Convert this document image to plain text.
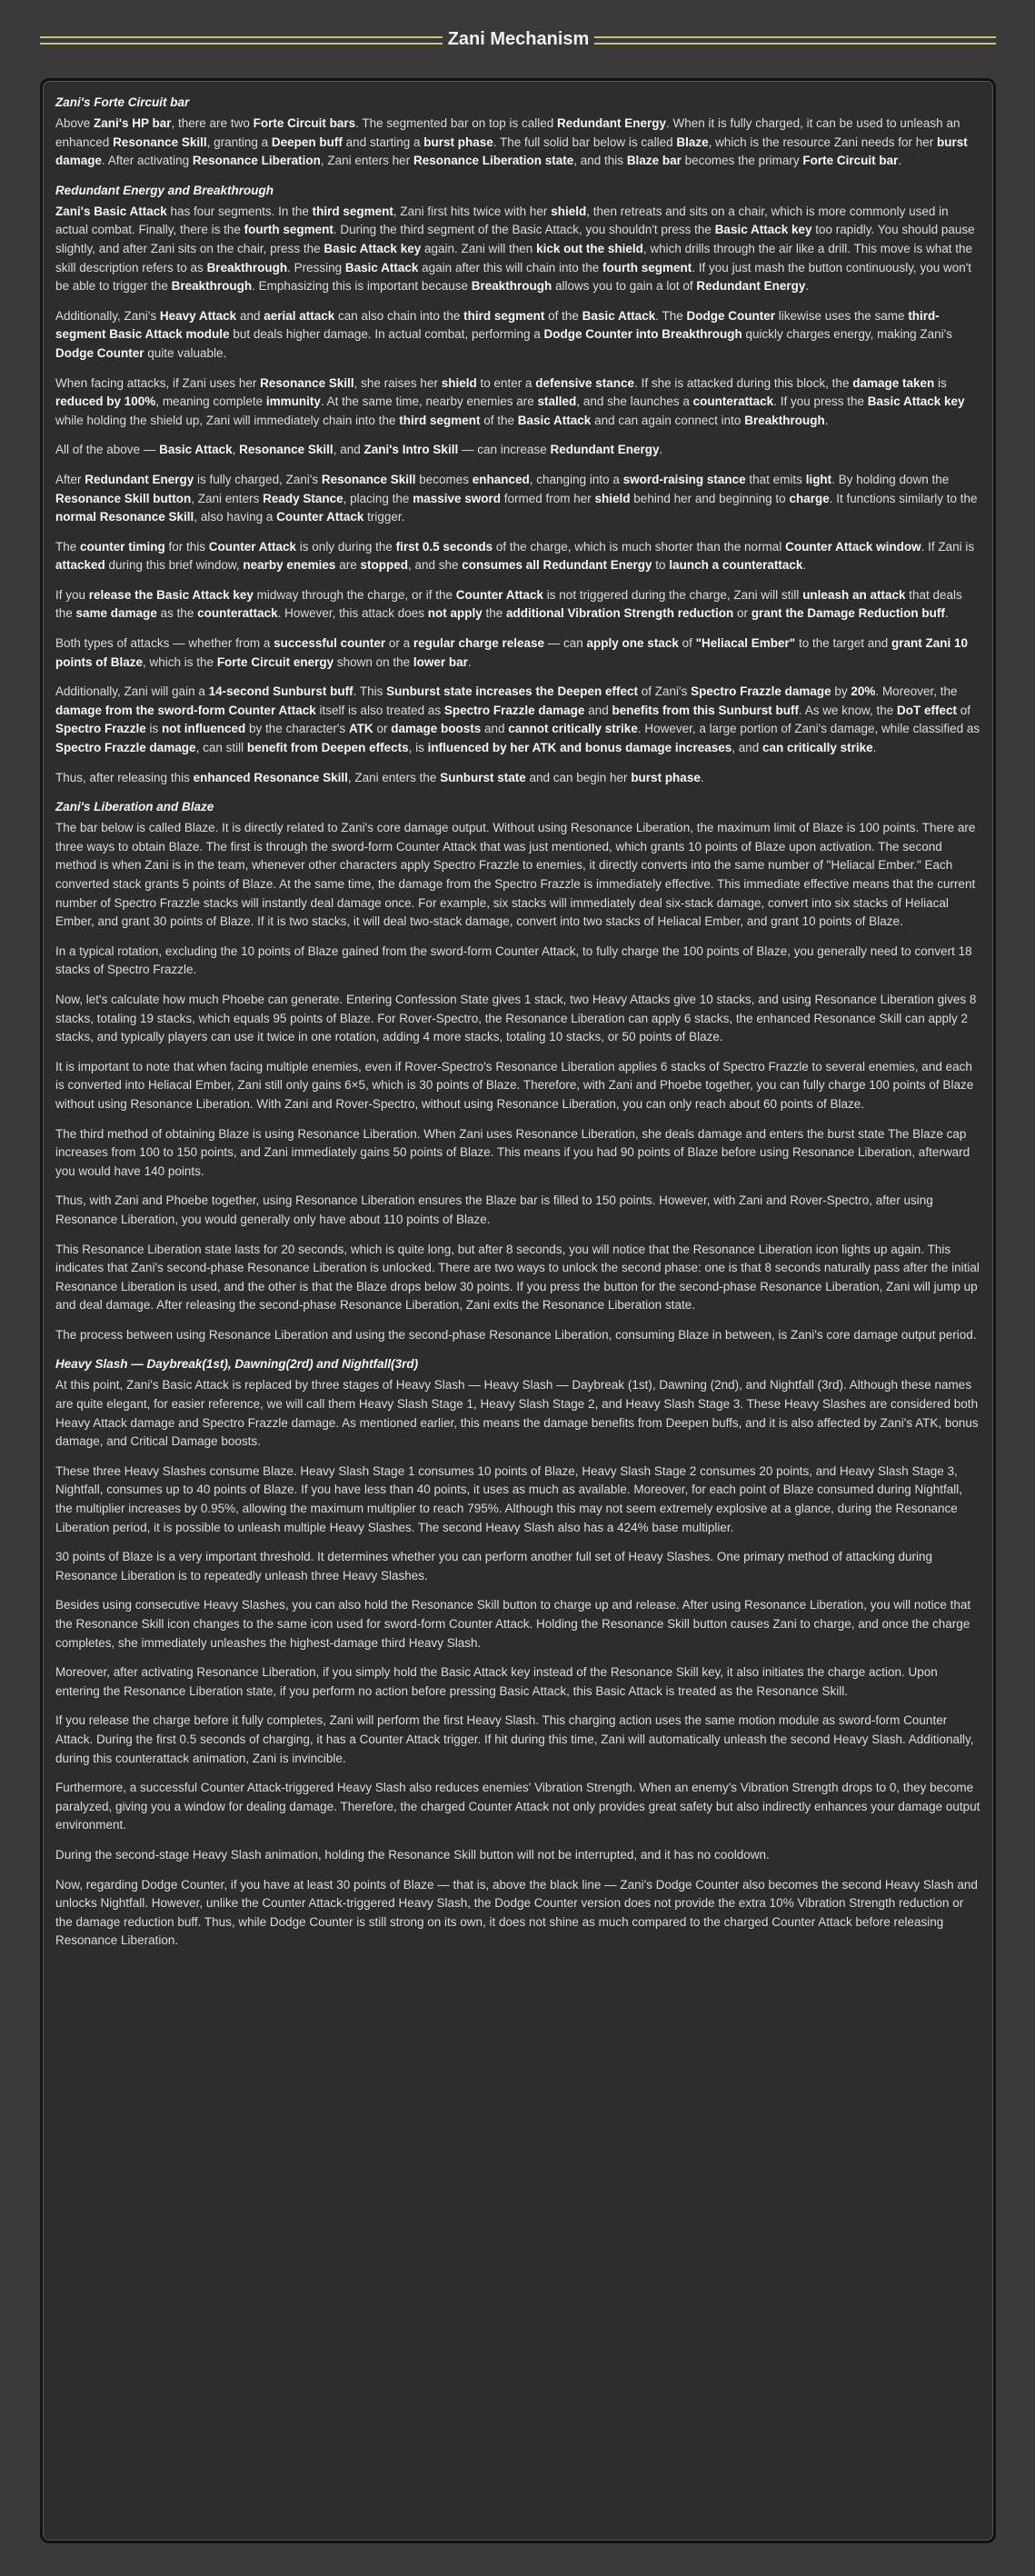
Zani Mechanism
Zani's Forte Circuit bar

Above Zani's HP bar, there are two Forte Circuit bars. The segmented bar on top is called Redundant Energy. When it is fully charged, it can be used to unleash an enhanced Resonance Skill, granting a Deepen buff and starting a burst phase. The full solid bar below is called Blaze, which is the resource Zani needs for her burst damage. After activating Resonance Liberation, Zani enters her Resonance Liberation state, and this Blaze bar becomes the primary Forte Circuit bar.

Redundant Energy and Breakthrough

Zani's Basic Attack has four segments. In the third segment, Zani first hits twice with her shield, then retreats and sits on a chair, which is more commonly used in actual combat. Finally, there is the fourth segment. During the third segment of the Basic Attack, you shouldn't press the Basic Attack key too rapidly. You should pause slightly, and after Zani sits on the chair, press the Basic Attack key again. Zani will then kick out the shield, which drills through the air like a drill. This move is what the skill description refers to as Breakthrough. Pressing Basic Attack again after this will chain into the fourth segment. If you just mash the button continuously, you won't be able to trigger the Breakthrough. Emphasizing this is important because Breakthrough allows you to gain a lot of Redundant Energy.

Additionally, Zani's Heavy Attack and aerial attack can also chain into the third segment of the Basic Attack. The Dodge Counter likewise uses the same third-segment Basic Attack module but deals higher damage. In actual combat, performing a Dodge Counter into Breakthrough quickly charges energy, making Zani's Dodge Counter quite valuable.

When facing attacks, if Zani uses her Resonance Skill, she raises her shield to enter a defensive stance. If she is attacked during this block, the damage taken is reduced by 100%, meaning complete immunity. At the same time, nearby enemies are stalled, and she launches a counterattack. If you press the Basic Attack key while holding the shield up, Zani will immediately chain into the third segment of the Basic Attack and can again connect into Breakthrough.

All of the above — Basic Attack, Resonance Skill, and Zani's Intro Skill — can increase Redundant Energy.

After Redundant Energy is fully charged, Zani's Resonance Skill becomes enhanced, changing into a sword-raising stance that emits light. By holding down the Resonance Skill button, Zani enters Ready Stance, placing the massive sword formed from her shield behind her and beginning to charge. It functions similarly to the normal Resonance Skill, also having a Counter Attack trigger.

The counter timing for this Counter Attack is only during the first 0.5 seconds of the charge, which is much shorter than the normal Counter Attack window. If Zani is attacked during this brief window, nearby enemies are stopped, and she consumes all Redundant Energy to launch a counterattack.

If you release the Basic Attack key midway through the charge, or if the Counter Attack is not triggered during the charge, Zani will still unleash an attack that deals the same damage as the counterattack. However, this attack does not apply the additional Vibration Strength reduction or grant the Damage Reduction buff.

Both types of attacks — whether from a successful counter or a regular charge release — can apply one stack of "Heliacal Ember" to the target and grant Zani 10 points of Blaze, which is the Forte Circuit energy shown on the lower bar.

Additionally, Zani will gain a 14-second Sunburst buff. This Sunburst state increases the Deepen effect of Zani's Spectro Frazzle damage by 20%. Moreover, the damage from the sword-form Counter Attack itself is also treated as Spectro Frazzle damage and benefits from this Sunburst buff. As we know, the DoT effect of Spectro Frazzle is not influenced by the character's ATK or damage boosts and cannot critically strike. However, a large portion of Zani's damage, while classified as Spectro Frazzle damage, can still benefit from Deepen effects, is influenced by her ATK and bonus damage increases, and can critically strike.

Thus, after releasing this enhanced Resonance Skill, Zani enters the Sunburst state and can begin her burst phase.

Zani's Liberation and Blaze

The bar below is called Blaze. It is directly related to Zani's core damage output. Without using Resonance Liberation, the maximum limit of Blaze is 100 points. There are three ways to obtain Blaze. The first is through the sword-form Counter Attack that was just mentioned, which grants 10 points of Blaze upon activation. The second method is when Zani is in the team, whenever other characters apply Spectro Frazzle to enemies, it directly converts into the same number of "Heliacal Ember." Each converted stack grants 5 points of Blaze. At the same time, the damage from the Spectro Frazzle is immediately effective. This immediate effective means that the current number of Spectro Frazzle stacks will instantly deal damage once. For example, six stacks will immediately deal six-stack damage, convert into six stacks of Heliacal Ember, and grant 30 points of Blaze. If it is two stacks, it will deal two-stack damage, convert into two stacks of Heliacal Ember, and grant 10 points of Blaze.

In a typical rotation, excluding the 10 points of Blaze gained from the sword-form Counter Attack, to fully charge the 100 points of Blaze, you generally need to convert 18 stacks of Spectro Frazzle.

Now, let's calculate how much Phoebe can generate. Entering Confession State gives 1 stack, two Heavy Attacks give 10 stacks, and using Resonance Liberation gives 8 stacks, totaling 19 stacks, which equals 95 points of Blaze. For Rover-Spectro, the Resonance Liberation can apply 6 stacks, the enhanced Resonance Skill can apply 2 stacks, and typically players can use it twice in one rotation, adding 4 more stacks, totaling 10 stacks, or 50 points of Blaze.

It is important to note that when facing multiple enemies, even if Rover-Spectro's Resonance Liberation applies 6 stacks of Spectro Frazzle to several enemies, and each is converted into Heliacal Ember, Zani still only gains 6×5, which is 30 points of Blaze. Therefore, with Zani and Phoebe together, you can fully charge 100 points of Blaze without using Resonance Liberation. With Zani and Rover-Spectro, without using Resonance Liberation, you can only reach about 60 points of Blaze.

The third method of obtaining Blaze is using Resonance Liberation. When Zani uses Resonance Liberation, she deals damage and enters the burst state The Blaze cap increases from 100 to 150 points, and Zani immediately gains 50 points of Blaze. This means if you had 90 points of Blaze before using Resonance Liberation, afterward you would have 140 points.

Thus, with Zani and Phoebe together, using Resonance Liberation ensures the Blaze bar is filled to 150 points. However, with Zani and Rover-Spectro, after using Resonance Liberation, you would generally only have about 110 points of Blaze.

This Resonance Liberation state lasts for 20 seconds, which is quite long, but after 8 seconds, you will notice that the Resonance Liberation icon lights up again. This indicates that Zani's second-phase Resonance Liberation is unlocked. There are two ways to unlock the second phase: one is that 8 seconds naturally pass after the initial Resonance Liberation is used, and the other is that the Blaze drops below 30 points. If you press the button for the second-phase Resonance Liberation, Zani will jump up and deal damage. After releasing the second-phase Resonance Liberation, Zani exits the Resonance Liberation state.

The process between using Resonance Liberation and using the second-phase Resonance Liberation, consuming Blaze in between, is Zani's core damage output period.

Heavy Slash — Daybreak(1st), Dawning(2rd) and Nightfall(3rd)

At this point, Zani's Basic Attack is replaced by three stages of Heavy Slash — Heavy Slash — Daybreak (1st), Dawning (2nd), and Nightfall (3rd). Although these names are quite elegant, for easier reference, we will call them Heavy Slash Stage 1, Heavy Slash Stage 2, and Heavy Slash Stage 3. These Heavy Slashes are considered both Heavy Attack damage and Spectro Frazzle damage. As mentioned earlier, this means the damage benefits from Deepen buffs, and it is also affected by Zani's ATK, bonus damage, and Critical Damage boosts.

These three Heavy Slashes consume Blaze. Heavy Slash Stage 1 consumes 10 points of Blaze, Heavy Slash Stage 2 consumes 20 points, and Heavy Slash Stage 3, Nightfall, consumes up to 40 points of Blaze. If you have less than 40 points, it uses as much as available. Moreover, for each point of Blaze consumed during Nightfall, the multiplier increases by 0.95%, allowing the maximum multiplier to reach 795%. Although this may not seem extremely explosive at a glance, during the Resonance Liberation period, it is possible to unleash multiple Heavy Slashes. The second Heavy Slash also has a 424% base multiplier.

30 points of Blaze is a very important threshold. It determines whether you can perform another full set of Heavy Slashes. One primary method of attacking during Resonance Liberation is to repeatedly unleash three Heavy Slashes.

Besides using consecutive Heavy Slashes, you can also hold the Resonance Skill button to charge up and release. After using Resonance Liberation, you will notice that the Resonance Skill icon changes to the same icon used for sword-form Counter Attack. Holding the Resonance Skill button causes Zani to charge, and once the charge completes, she immediately unleashes the highest-damage third Heavy Slash.

Moreover, after activating Resonance Liberation, if you simply hold the Basic Attack key instead of the Resonance Skill key, it also initiates the charge action. Upon entering the Resonance Liberation state, if you perform no action before pressing Basic Attack, this Basic Attack is treated as the Resonance Skill.

If you release the charge before it fully completes, Zani will perform the first Heavy Slash. This charging action uses the same motion module as sword-form Counter Attack. During the first 0.5 seconds of charging, it has a Counter Attack trigger. If hit during this time, Zani will automatically unleash the second Heavy Slash. Additionally, during this counterattack animation, Zani is invincible.

Furthermore, a successful Counter Attack-triggered Heavy Slash also reduces enemies' Vibration Strength. When an enemy's Vibration Strength drops to 0, they become paralyzed, giving you a window for dealing damage. Therefore, the charged Counter Attack not only provides great safety but also indirectly enhances your damage output environment.

During the second-stage Heavy Slash animation, holding the Resonance Skill button will not be interrupted, and it has no cooldown.

Now, regarding Dodge Counter, if you have at least 30 points of Blaze — that is, above the black line — Zani's Dodge Counter also becomes the second Heavy Slash and unlocks Nightfall. However, unlike the Counter Attack-triggered Heavy Slash, the Dodge Counter version does not provide the extra 10% Vibration Strength reduction or the damage reduction buff. Thus, while Dodge Counter is still strong on its own, it does not shine as much compared to the charged Counter Attack before releasing Resonance Liberation.
